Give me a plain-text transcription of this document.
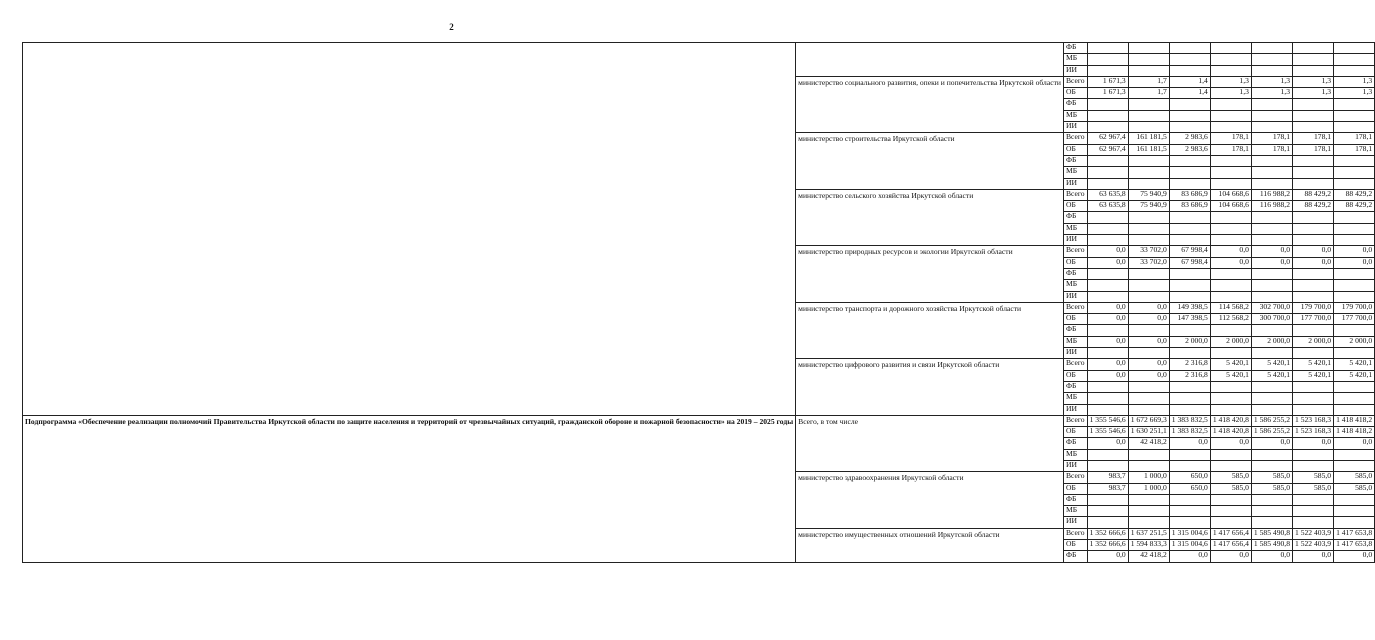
2
		ФБ							
		МБ							
		ИИ							
	министерство социального развития, опеки и попечительства Иркутской области	Всего	1 671,3	1,7	1,4	1,3	1,3	1,3	1,3
		ОБ	1 671,3	1,7	1,4	1,3	1,3	1,3	1,3
		ФБ							
		МБ							
		ИИ							
	министерство строительства Иркутской области	Всего	62 967,4	161 181,5	2 983,6	178,1	178,1	178,1	178,1
		ОБ	62 967,4	161 181,5	2 983,6	178,1	178,1	178,1	178,1
		ФБ							
		МБ							
		ИИ							
	министерство сельского хозяйства Иркутской области	Всего	63 635,8	75 940,9	83 686,9	104 668,6	116 988,2	88 429,2	88 429,2
		ОБ	63 635,8	75 940,9	83 686,9	104 668,6	116 988,2	88 429,2	88 429,2
		ФБ							
		МБ							
		ИИ							
	министерство природных ресурсов и экологии Иркутской области	Всего	0,0	33 702,0	67 998,4	0,0	0,0	0,0	0,0
		ОБ	0,0	33 702,0	67 998,4	0,0	0,0	0,0	0,0
		ФБ							
		МБ							
		ИИ							
	министерство транспорта и дорожного хозяйства Иркутской области	Всего	0,0	0,0	149 398,5	114 568,2	302 700,0	179 700,0	179 700,0
		ОБ	0,0	0,0	147 398,5	112 568,2	300 700,0	177 700,0	177 700,0
		ФБ							
		МБ	0,0	0,0	2 000,0	2 000,0	2 000,0	2 000,0	2 000,0
		ИИ							
	министерство цифрового развития и связи Иркутской области	Всего	0,0	0,0	2 316,8	5 420,1	5 420,1	5 420,1	5 420,1
		ОБ	0,0	0,0	2 316,8	5 420,1	5 420,1	5 420,1	5 420,1
		ФБ							
		МБ							
		ИИ							
Подпрограмма «Обеспечение реализации полномочий Правительства Иркутской области по защите населения и территорий от чрезвычайных ситуаций, гражданской обороне и пожарной безопасности» на 2019 – 2025 годы	Всего, в том числе	Всего	1 355 546,6	1 672 669,3	1 383 832,5	1 418 420,8	1 586 255,2	1 523 168,3	1 418 418,2
		ОБ	1 355 546,6	1 630 251,1	1 383 832,5	1 418 420,8	1 586 255,2	1 523 168,3	1 418 418,2
		ФБ	0,0	42 418,2	0,0	0,0	0,0	0,0	0,0
		МБ							
		ИИ							
	министерство здравоохранения Иркутской области	Всего	983,7	1 000,0	650,0	585,0	585,0	585,0	585,0
		ОБ	983,7	1 000,0	650,0	585,0	585,0	585,0	585,0
		ФБ							
		МБ							
		ИИ							
	министерство имущественных отношений Иркутской области	Всего	1 352 666,6	1 637 251,5	1 315 004,6	1 417 656,4	1 585 490,8	1 522 403,9	1 417 653,8
		ОБ	1 352 666,6	1 594 833,3	1 315 004,6	1 417 656,4	1 585 490,8	1 522 403,9	1 417 653,8
		ФБ	0,0	42 418,2	0,0	0,0	0,0	0,0	0,0
